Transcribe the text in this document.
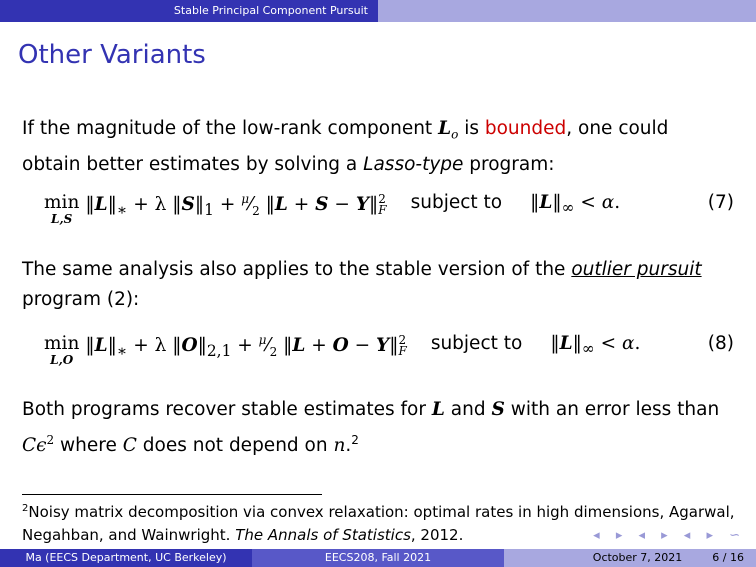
Stable Principal Component Pursuit
Other Variants
If the magnitude of the low-rank component $L_o$ is bounded, one could obtain better estimates by solving a Lasso-type program:
min
L,S
$‖L‖_∗ + \lambda$ $‖S‖_1$ + $^\mu⁄_2$ ‖L + S − Y‖ 2
F subject to $‖L‖_\infty < \alpha$.	(7)
The same analysis also applies to the stable version of the outlier pursuit program (2):
min
L,O
$‖L‖_∗ + \lambda$ $‖O‖_{2,1}$ + $^\mu⁄_2$ ‖L + O − Y‖ 2
F subject to $‖L‖_\infty < \alpha$.	(8)
Both programs recover stable estimates for L and S with an error less than $C\epsilon^2$ where C does not depend on n.$^2$
$^2$Noisy matrix decomposition via convex relaxation: optimal rates in high dimensions, Agarwal, Negahban, and Wainwright. The Annals of Statistics, 2012.	◂ ▸ ◂ ▸ ◂ ▸ ∽
Ma (EECS Department, UC Berkeley)	EECS208, Fall 2021	October 7, 2021	6 / 16
